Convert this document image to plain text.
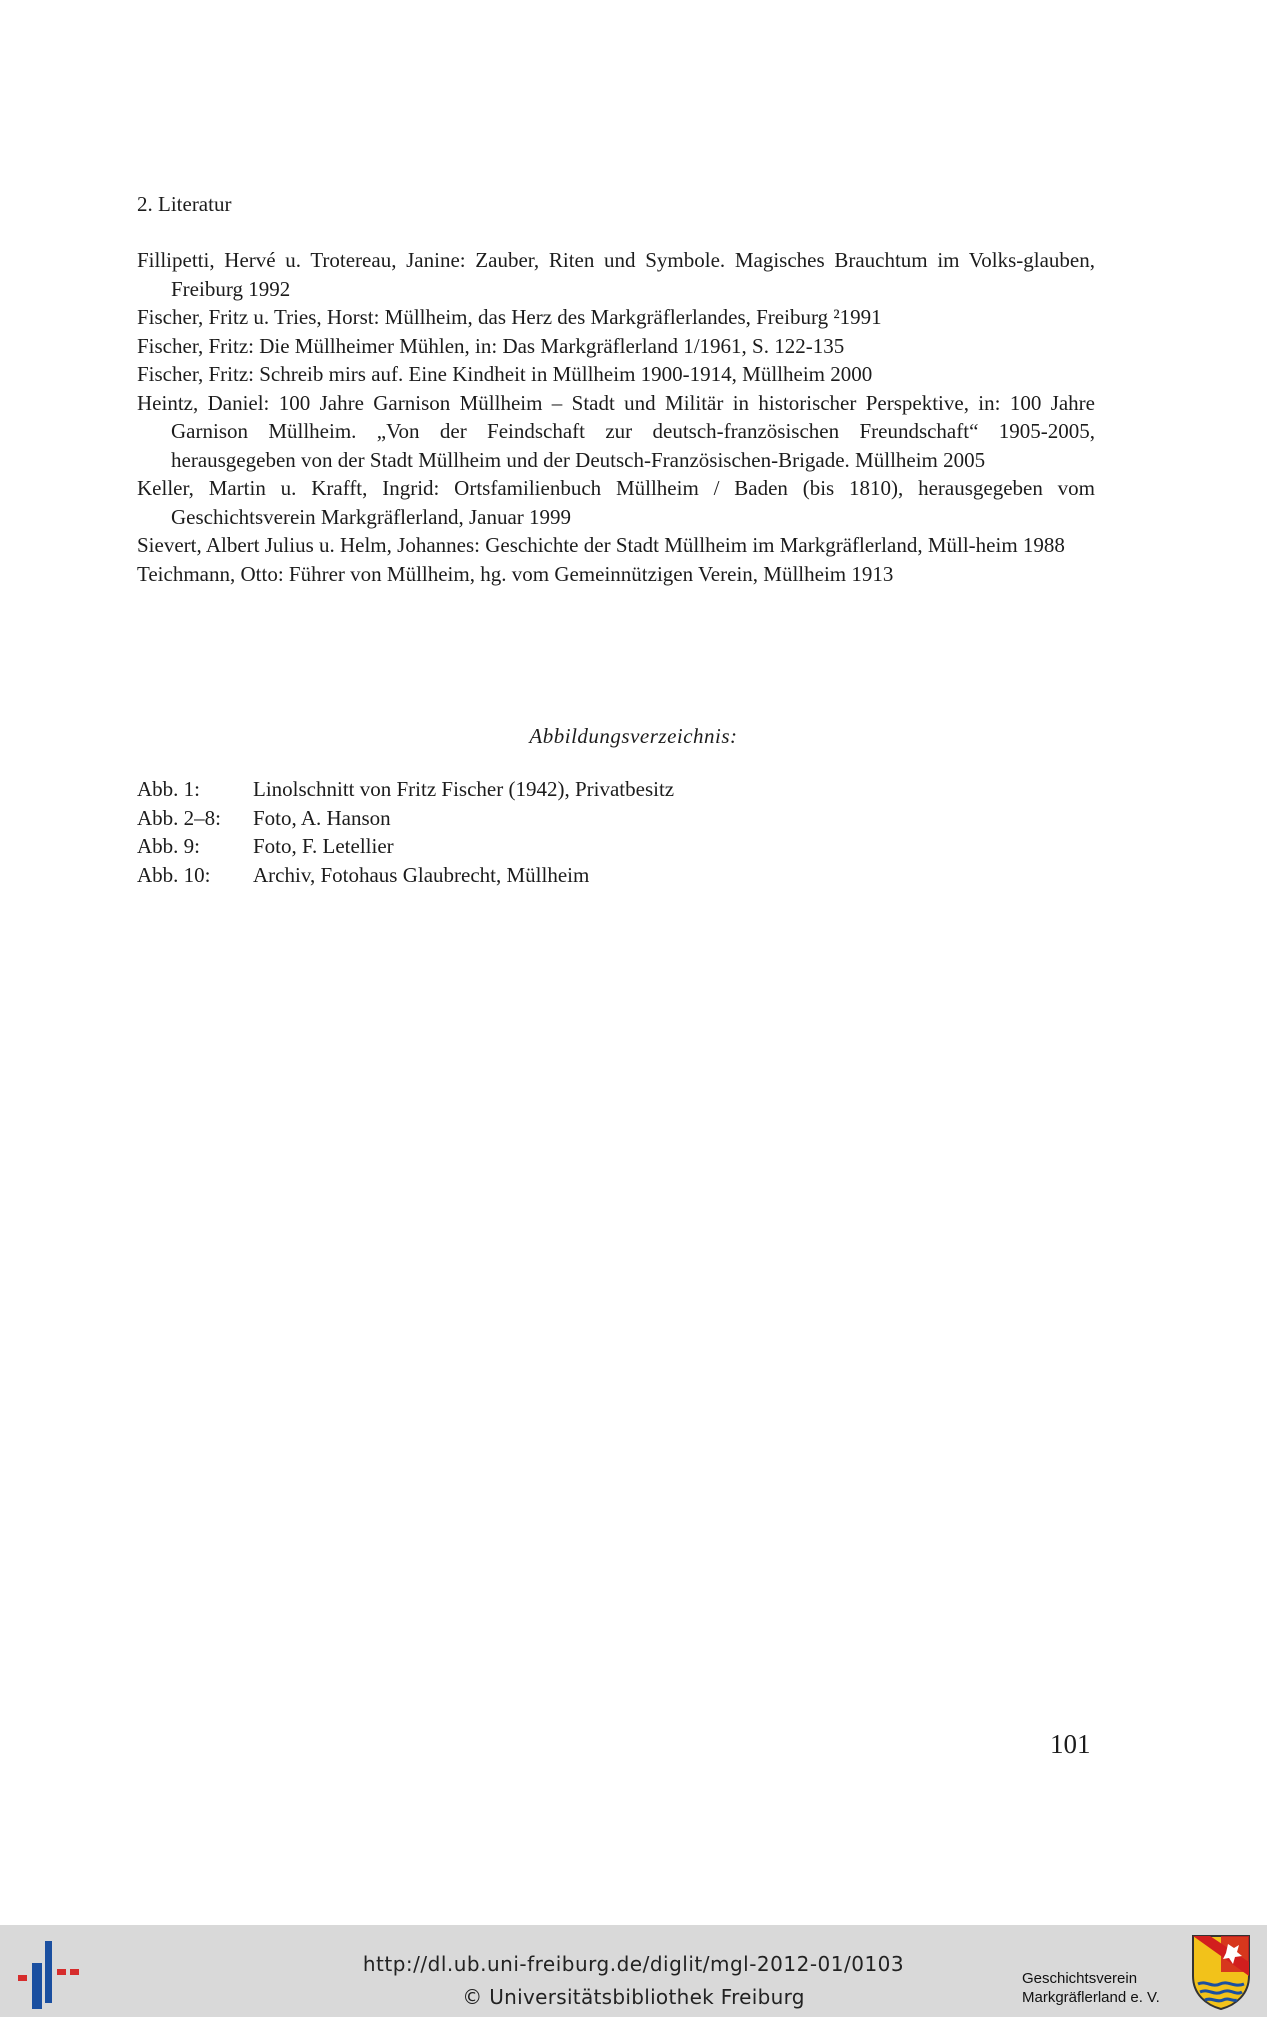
2. Literatur
Fillipetti, Hervé u. Trotereau, Janine: Zauber, Riten und Symbole. Magisches Brauchtum im Volks-glauben, Freiburg 1992
Fischer, Fritz u. Tries, Horst: Müllheim, das Herz des Markgräflerlandes, Freiburg ²1991
Fischer, Fritz: Die Müllheimer Mühlen, in: Das Markgräflerland 1/1961, S. 122-135
Fischer, Fritz: Schreib mirs auf. Eine Kindheit in Müllheim 1900-1914, Müllheim 2000
Heintz, Daniel: 100 Jahre Garnison Müllheim – Stadt und Militär in historischer Perspektive, in: 100 Jahre Garnison Müllheim. „Von der Feindschaft zur deutsch-französischen Freundschaft“ 1905-2005, herausgegeben von der Stadt Müllheim und der Deutsch-Französischen-Brigade. Müllheim 2005
Keller, Martin u. Krafft, Ingrid: Ortsfamilienbuch Müllheim / Baden (bis 1810), herausgegeben vom Geschichtsverein Markgräflerland, Januar 1999
Sievert, Albert Julius u. Helm, Johannes: Geschichte der Stadt Müllheim im Markgräflerland, Müll-heim 1988
Teichmann, Otto: Führer von Müllheim, hg. vom Gemeinnützigen Verein, Müllheim 1913
Abbildungsverzeichnis:
Abb. 1:	Linolschnitt von Fritz Fischer (1942), Privatbesitz
Abb. 2–8:	Foto, A. Hanson
Abb. 9:	Foto, F. Letellier
Abb. 10:	Archiv, Fotohaus Glaubrecht, Müllheim
101
http://dl.ub.uni-freiburg.de/diglit/mgl-2012-01/0103
© Universitätsbibliothek Freiburg
Geschichtsverein
Markgräflerland e. V.
